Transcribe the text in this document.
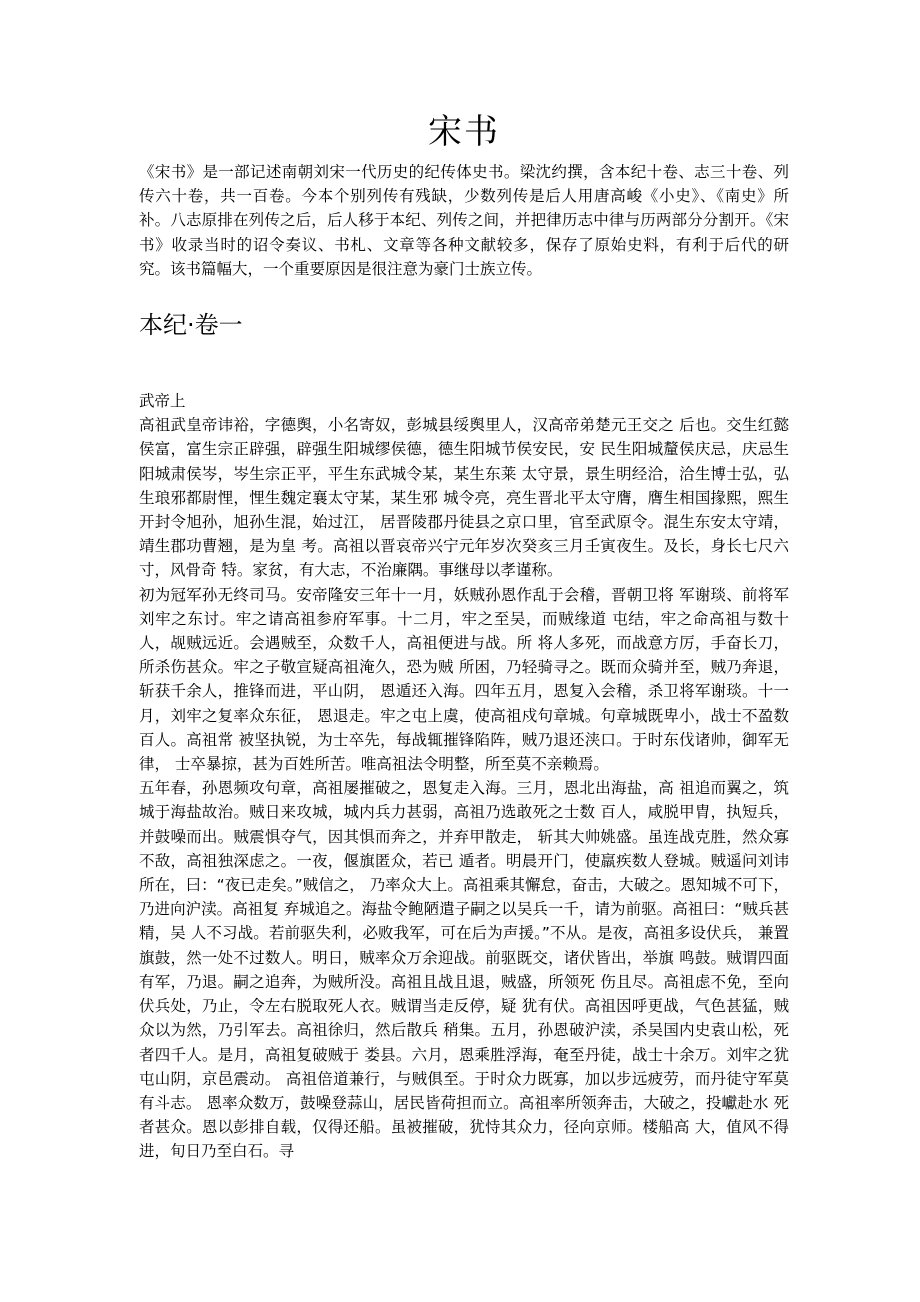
宋书

《宋书》是一部记述南朝刘宋一代历史的纪传体史书。梁沈约撰，含本纪十卷、志三十卷、列传六十卷，共一百卷。今本个别列传有残缺，少数列传是后人用唐高峻《小史》、《南史》所补。八志原排在列传之后，后人移于本纪、列传之间，并把律历志中律与历两部分分割开。《宋书》收录当时的诏令奏议、书札、文章等各种文献较多，保存了原始史料，有利于后代的研究。该书篇幅大，一个重要原因是很注意为豪门士族立传。

本纪·卷一

武帝上

高祖武皇帝讳裕，字德舆，小名寄奴，彭城县绥舆里人，汉高帝弟楚元王交之 后也。交生红懿侯富，富生宗正辟强，辟强生阳城缪侯德，德生阳城节侯安民，安 民生阳城釐侯庆忌，庆忌生阳城肃侯岑，岑生宗正平，平生东武城令某，某生东莱 太守景，景生明经洽，洽生博士弘，弘生琅邪都尉悝，悝生魏定襄太守某，某生邪 城令亮，亮生晋北平太守膺，膺生相国掾熙，熙生开封令旭孙，旭孙生混，始过江， 居晋陵郡丹徒县之京口里，官至武原令。混生东安太守靖，靖生郡功曹翘，是为皇 考。高祖以晋哀帝兴宁元年岁次癸亥三月壬寅夜生。及长，身长七尺六寸，风骨奇 特。家贫，有大志，不治廉隅。事继母以孝谨称。

初为冠军孙无终司马。安帝隆安三年十一月，妖贼孙恩作乱于会稽，晋朝卫将 军谢琰、前将军刘牢之东讨。牢之请高祖参府军事。十二月，牢之至吴，而贼缘道 屯结，牢之命高祖与数十人，觇贼远近。会遇贼至，众数千人，高祖便进与战。所 将人多死，而战意方厉，手奋长刀，所杀伤甚众。牢之子敬宣疑高祖淹久，恐为贼 所困，乃轻骑寻之。既而众骑并至，贼乃奔退，斩获千余人，推锋而进，平山阴， 恩遁还入海。四年五月，恩复入会稽，杀卫将军谢琰。十一月，刘牢之复率众东征， 恩退走。牢之屯上虞，使高祖戍句章城。句章城既卑小，战士不盈数百人。高祖常 被坚执锐，为士卒先，每战辄摧锋陷阵，贼乃退还浃口。于时东伐诸帅，御军无律， 士卒暴掠，甚为百姓所苦。唯高祖法令明整，所至莫不亲赖焉。

五年春，孙恩频攻句章，高祖屡摧破之，恩复走入海。三月，恩北出海盐，高 祖追而翼之，筑城于海盐故治。贼日来攻城，城内兵力甚弱，高祖乃选敢死之士数 百人，咸脱甲胄，执短兵，并鼓噪而出。贼震惧夺气，因其惧而奔之，并弃甲散走， 斩其大帅姚盛。虽连战克胜，然众寡不敌，高祖独深虑之。一夜，偃旗匿众，若已 遁者。明晨开门，使羸疾数人登城。贼遥问刘讳所在，曰：“夜已走矣。”贼信之， 乃率众大上。高祖乘其懈怠，奋击，大破之。恩知城不可下，乃进向沪渎。高祖复 弃城追之。海盐令鲍陋遣子嗣之以吴兵一千，请为前驱。高祖曰：“贼兵甚精，吴 人不习战。若前驱失利，必败我军，可在后为声援。”不从。是夜，高祖多设伏兵， 兼置旗鼓，然一处不过数人。明日，贼率众万余迎战。前驱既交，诸伏皆出，举旗 鸣鼓。贼谓四面有军，乃退。嗣之追奔，为贼所没。高祖且战且退，贼盛，所领死 伤且尽。高祖虑不免，至向伏兵处，乃止，令左右脱取死人衣。贼谓当走反停，疑 犹有伏。高祖因呼更战，气色甚猛，贼众以为然，乃引军去。高祖徐归，然后散兵 稍集。五月，孙恩破沪渎，杀吴国内史袁山松，死者四千人。是月，高祖复破贼于 娄县。六月，恩乘胜浮海，奄至丹徒，战士十余万。刘牢之犹屯山阴，京邑震动。 高祖倍道兼行，与贼俱至。于时众力既寡，加以步远疲劳，而丹徒守军莫有斗志。 恩率众数万，鼓噪登蒜山，居民皆荷担而立。高祖率所领奔击，大破之，投巘赴水 死者甚众。恩以彭排自载，仅得还船。虽被摧破，犹恃其众力，径向京师。楼船高 大，值风不得进，旬日乃至白石。寻
